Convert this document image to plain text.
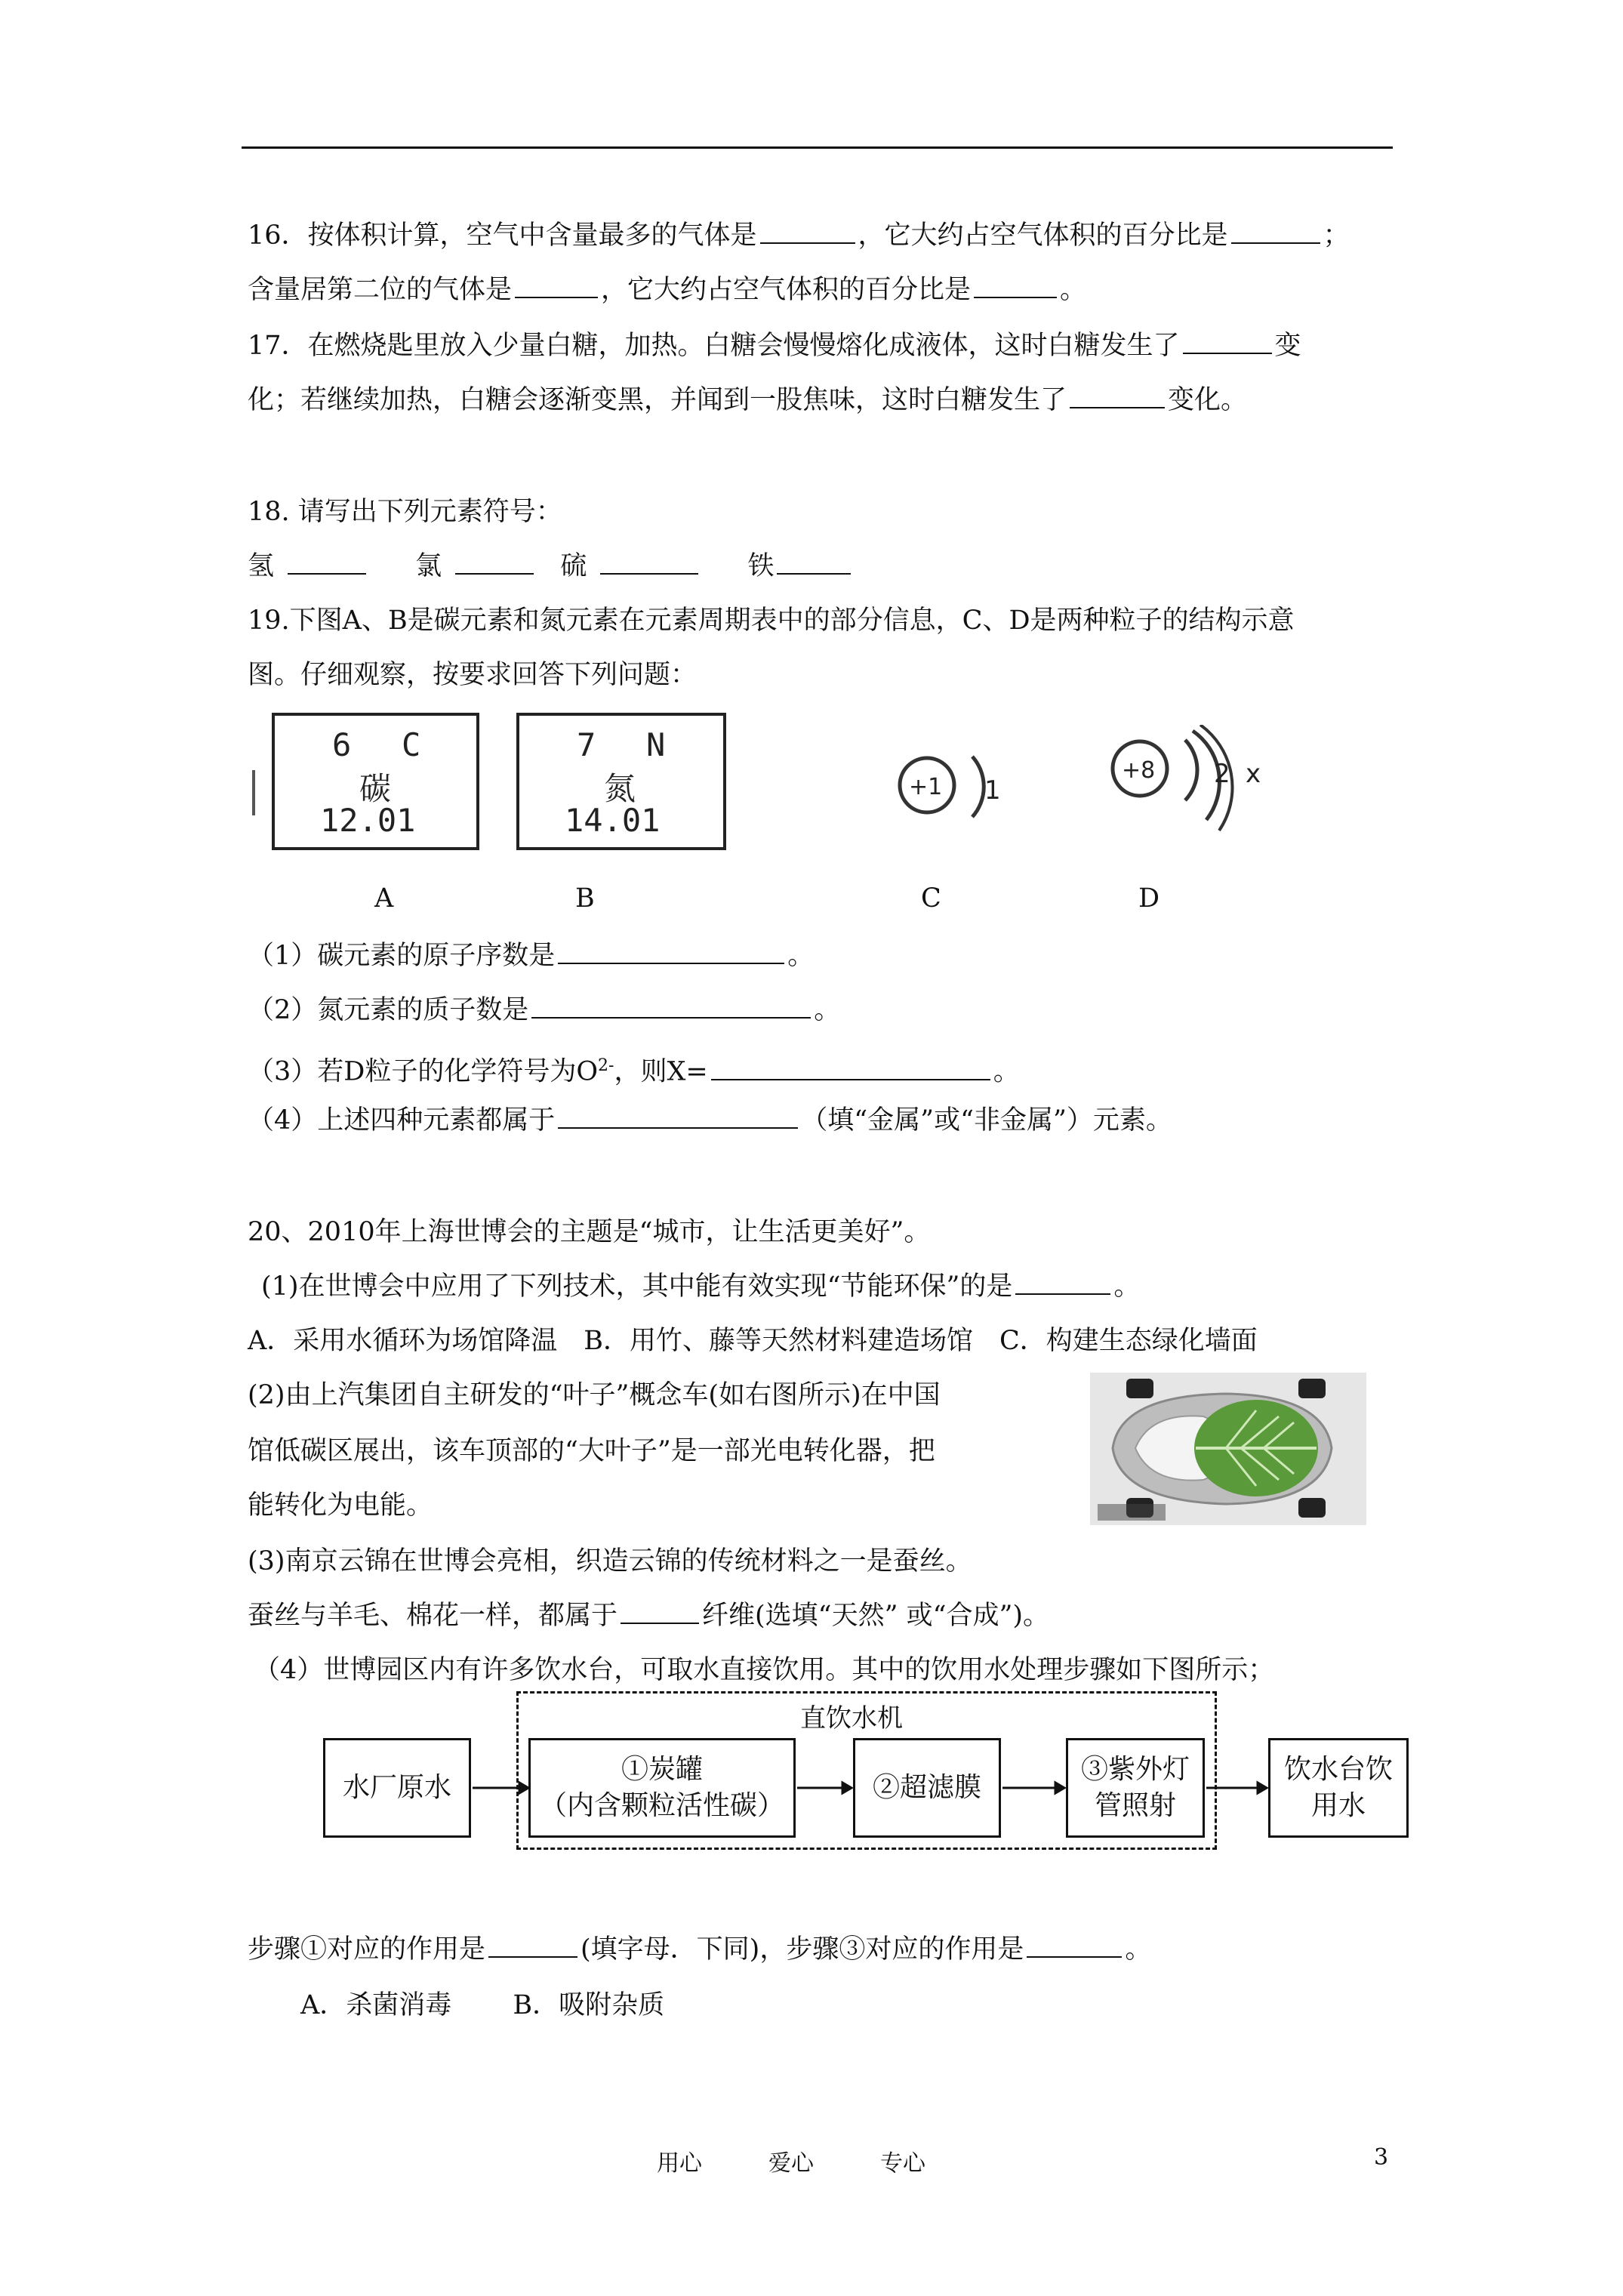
16．按体积计算，空气中含量最多的气体是	，它大约占空气体积的百分比是	；
含量居第二位的气体是	，它大约占空气体积的百分比是	。
17．在燃烧匙里放入少量白糖，加热。白糖会慢慢熔化成液体，这时白糖发生了	变
化；若继续加热，白糖会逐渐变黑，并闻到一股焦味，这时白糖发生了	变化。
18. 请写出下列元素符号：
氢	氯	硫	铁
19.下图A、B是碳元素和氮元素在元素周期表中的部分信息，C、D是两种粒子的结构示意
图。仔细观察，按要求回答下列问题：
6 C
碳
12.01
7 N
氮
14.01
+1 1
+8 2 x
A	B	C	D
（1）碳元素的原子序数是	。
（2）氮元素的质子数是	。
（3）若D粒子的化学符号为$O^{2-}$，则X=	。
（4）上述四种元素都属于	（填“金属”或“非金属”）元素。
20、2010年上海世博会的主题是“城市，让生活更美好”。
(1)在世博会中应用了下列技术，其中能有效实现“节能环保”的是	。
A．采用水循环为场馆降温　B．用竹、藤等天然材料建造场馆　C．构建生态绿化墙面
(2)由上汽集团自主研发的“叶子”概念车(如右图所示)在中国
馆低碳区展出，该车顶部的“大叶子”是一部光电转化器，把
能转化为电能。
(3)南京云锦在世博会亮相，织造云锦的传统材料之一是蚕丝。
蚕丝与羊毛、棉花一样，都属于	纤维(选填“天然” 或“合成”)。
（4）世博园区内有许多饮水台，可取水直接饮用。其中的饮用水处理步骤如下图所示；
直饮水机
水厂原水
①炭罐
（内含颗粒活性碳）
②超滤膜
③紫外灯
管照射
饮水台饮
用水
步骤①对应的作用是	(填字母．下同)，步骤③对应的作用是	。
A．杀菌消毒　　 B．吸附杂质
用心	爱心	专心	3
